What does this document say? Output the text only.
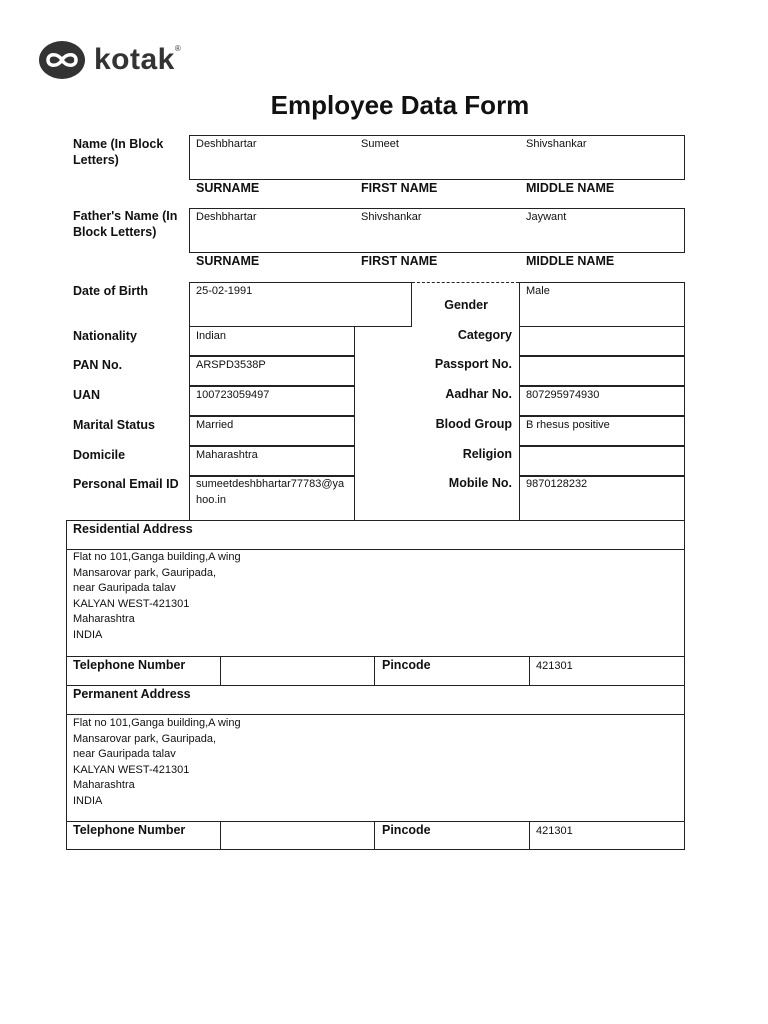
kotak ®
Employee Data Form
Name (In Block Letters)
Deshbhartar	Sumeet	Shivshankar
SURNAME	FIRST NAME	MIDDLE NAME
Father's Name (In Block Letters)
Deshbhartar	Shivshankar	Jaywant
SURNAME	FIRST NAME	MIDDLE NAME
Date of Birth	25-02-1991
Gender
Male
Nationality	Indian	Category
PAN No.	ARSPD3538P	Passport No.
UAN	100723059497	Aadhar No. 807295974930
Marital Status	Married	Blood Group B rhesus positive
Domicile	Maharashtra	Religion
Personal Email ID sumeetdeshbhartar77783@yahoo.in
Mobile No. 9870128232
Residential Address
Flat no 101,Ganga building,A wing
Mansarovar park, Gauripada,
near Gauripada talav
KALYAN WEST-421301
Maharashtra
INDIA
Telephone Number	Pincode	421301
Permanent Address
Flat no 101,Ganga building,A wing
Mansarovar park, Gauripada,
near Gauripada talav
KALYAN WEST-421301
Maharashtra
INDIA
Telephone Number	Pincode	421301
